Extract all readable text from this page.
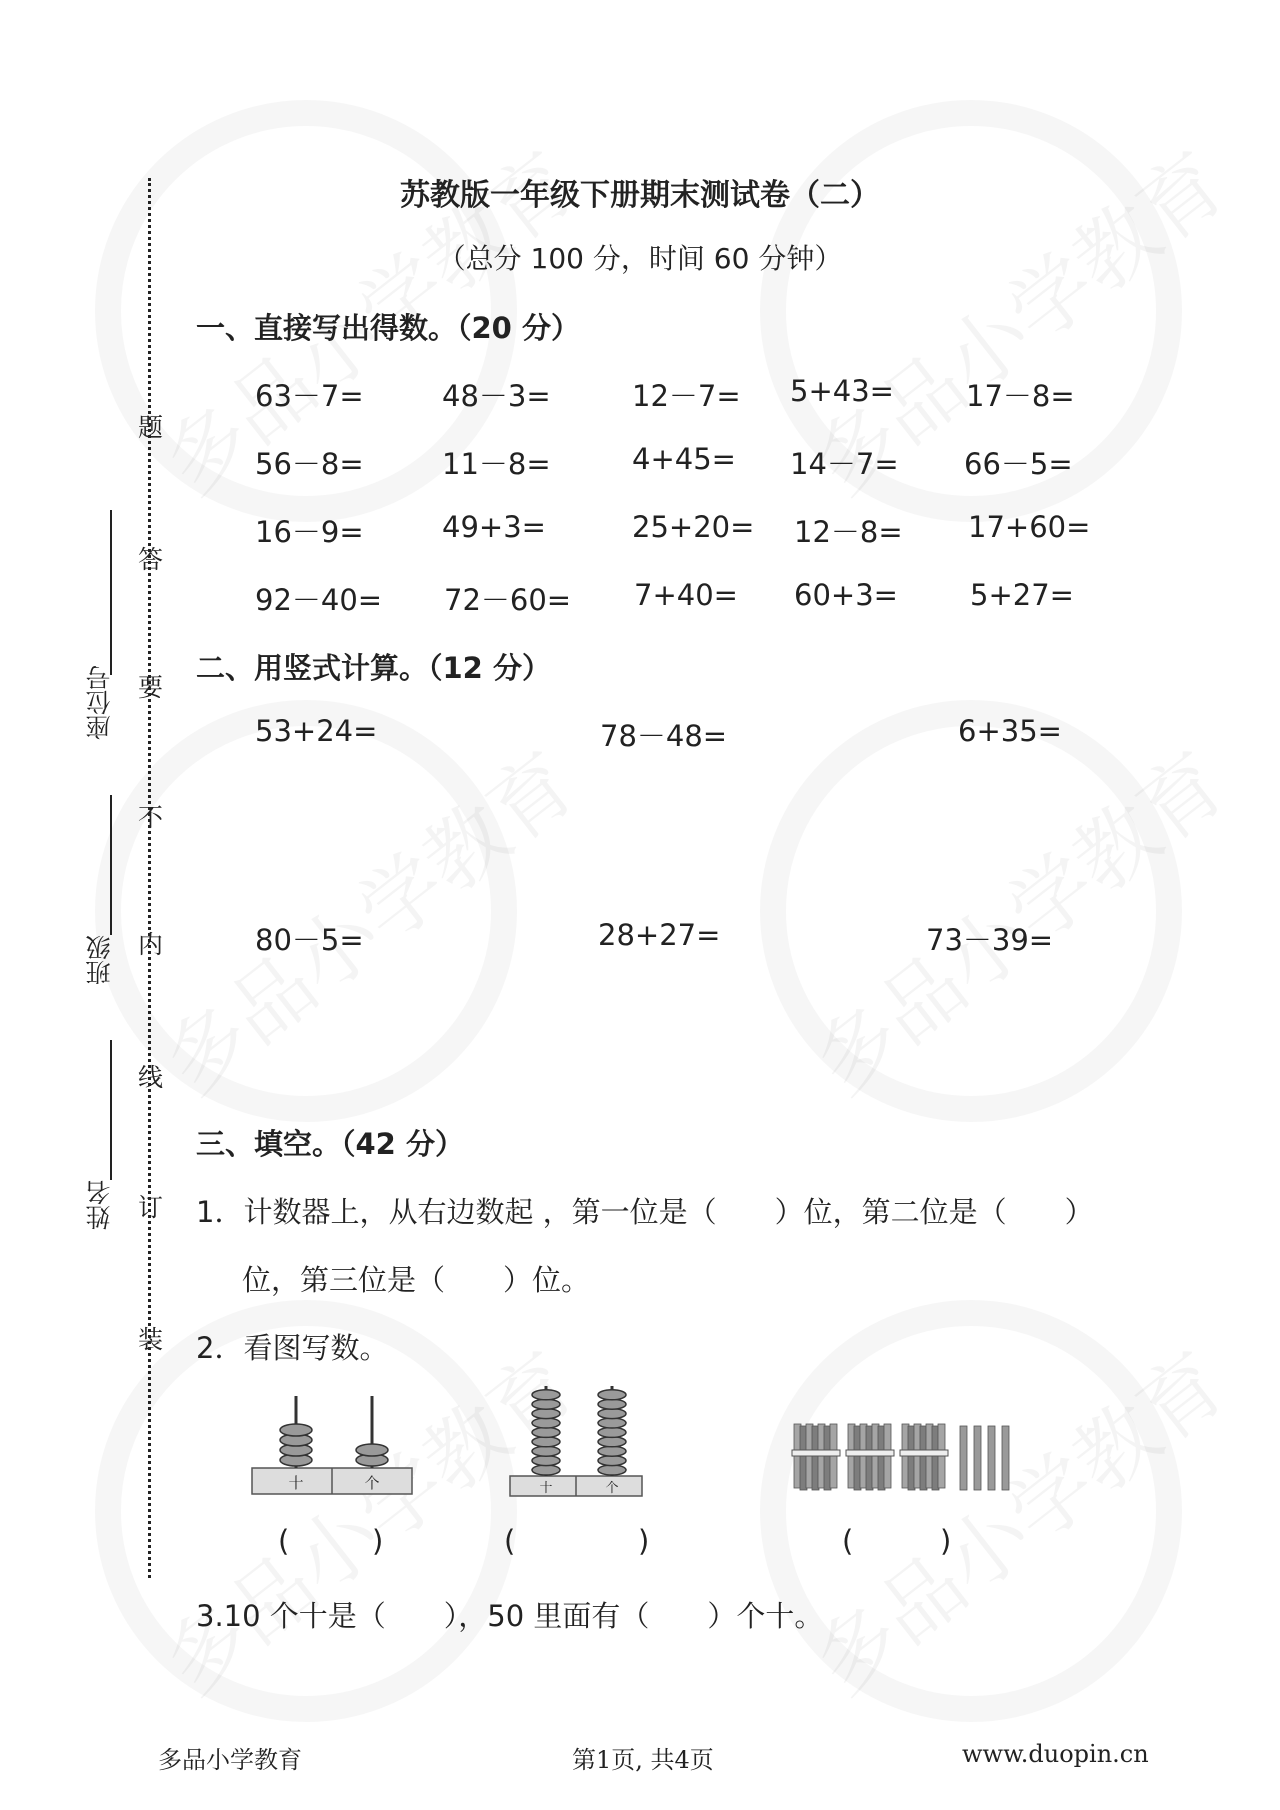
座位号
班级
姓名
题
答
要
不
内
线
订
装
苏教版一年级下册期末测试卷（二）
（总分 100 分，时间 60 分钟）
一、直接写出得数。（20 分）
63－7=	48－3=	12－7= 5+43= 17－8=
56－8=	11－8=	4+45= 14－7= 66－5=
16－9=	49+3=	25+20= 12－8= 17+60=
92－40= 72－60= 7+40= 60+3= 5+27=
二、用竖式计算。（12 分）
53+24=	78－48=	6+35=
80－5=	28+27=	73－39=
三、填空。（42 分）
1．计数器上，从右边数起 ，第一位是（　　）位，第二位是（　　）
位，第三位是（　　）位。
2．看图写数。
十	个	十	个
(	)	(	)	(	)
3.10 个十是（　　），50 里面有（　　）个十。
多品小学教育	第1页, 共4页	www.duopin.cn
